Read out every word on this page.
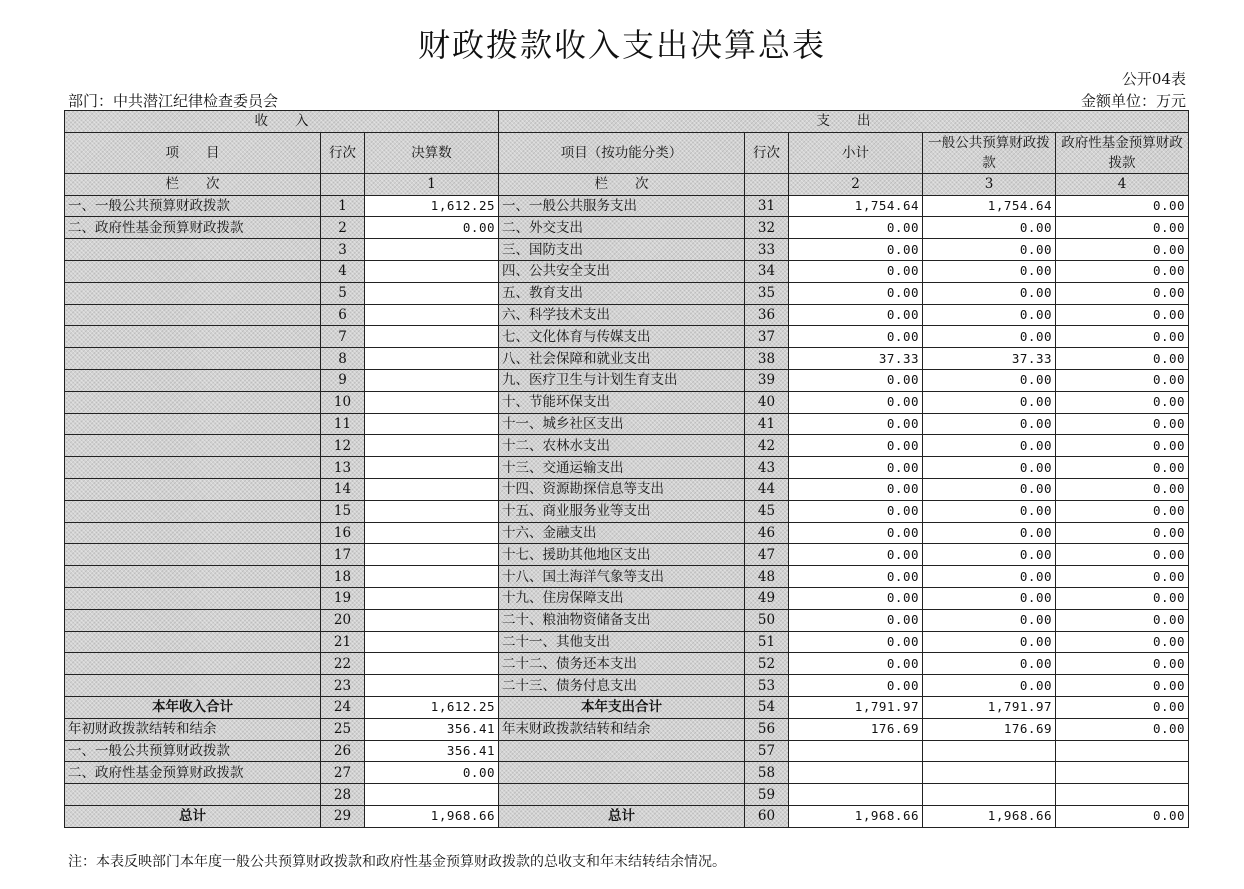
财政拨款收入支出决算总表
公开04表
部门：中共潜江纪律检查委员会	金额单位：万元
收　　入			支　　出				
项　　目	行次	决算数	项目（按功能分类）	行次	小计	一般公共预算财政拨款	政府性基金预算财政拨款
栏　　次		1	栏　　次		2	3	4
一、一般公共预算财政拨款	1	1,612.25	一、一般公共服务支出	31	1,754.64	1,754.64	0.00
二、政府性基金预算财政拨款	2	0.00	二、外交支出	32	0.00	0.00	0.00
	3		三、国防支出	33	0.00	0.00	0.00
	4		四、公共安全支出	34	0.00	0.00	0.00
	5		五、教育支出	35	0.00	0.00	0.00
	6		六、科学技术支出	36	0.00	0.00	0.00
	7		七、文化体育与传媒支出	37	0.00	0.00	0.00
	8		八、社会保障和就业支出	38	37.33	37.33	0.00
	9		九、医疗卫生与计划生育支出	39	0.00	0.00	0.00
	10		十、节能环保支出	40	0.00	0.00	0.00
	11		十一、城乡社区支出	41	0.00	0.00	0.00
	12		十二、农林水支出	42	0.00	0.00	0.00
	13		十三、交通运输支出	43	0.00	0.00	0.00
	14		十四、资源勘探信息等支出	44	0.00	0.00	0.00
	15		十五、商业服务业等支出	45	0.00	0.00	0.00
	16		十六、金融支出	46	0.00	0.00	0.00
	17		十七、援助其他地区支出	47	0.00	0.00	0.00
	18		十八、国土海洋气象等支出	48	0.00	0.00	0.00
	19		十九、住房保障支出	49	0.00	0.00	0.00
	20		二十、粮油物资储备支出	50	0.00	0.00	0.00
	21		二十一、其他支出	51	0.00	0.00	0.00
	22		二十二、债务还本支出	52	0.00	0.00	0.00
	23		二十三、债务付息支出	53	0.00	0.00	0.00
本年收入合计	24	1,612.25	本年支出合计	54	1,791.97	1,791.97	0.00
年初财政拨款结转和结余	25	356.41	年末财政拨款结转和结余	56	176.69	176.69	0.00
一、一般公共预算财政拨款	26	356.41		57			
二、政府性基金预算财政拨款	27	0.00		58			
	28			59			
总计	29	1,968.66	总计	60	1,968.66	1,968.66	0.00
注：本表反映部门本年度一般公共预算财政拨款和政府性基金预算财政拨款的总收支和年末结转结余情况。
